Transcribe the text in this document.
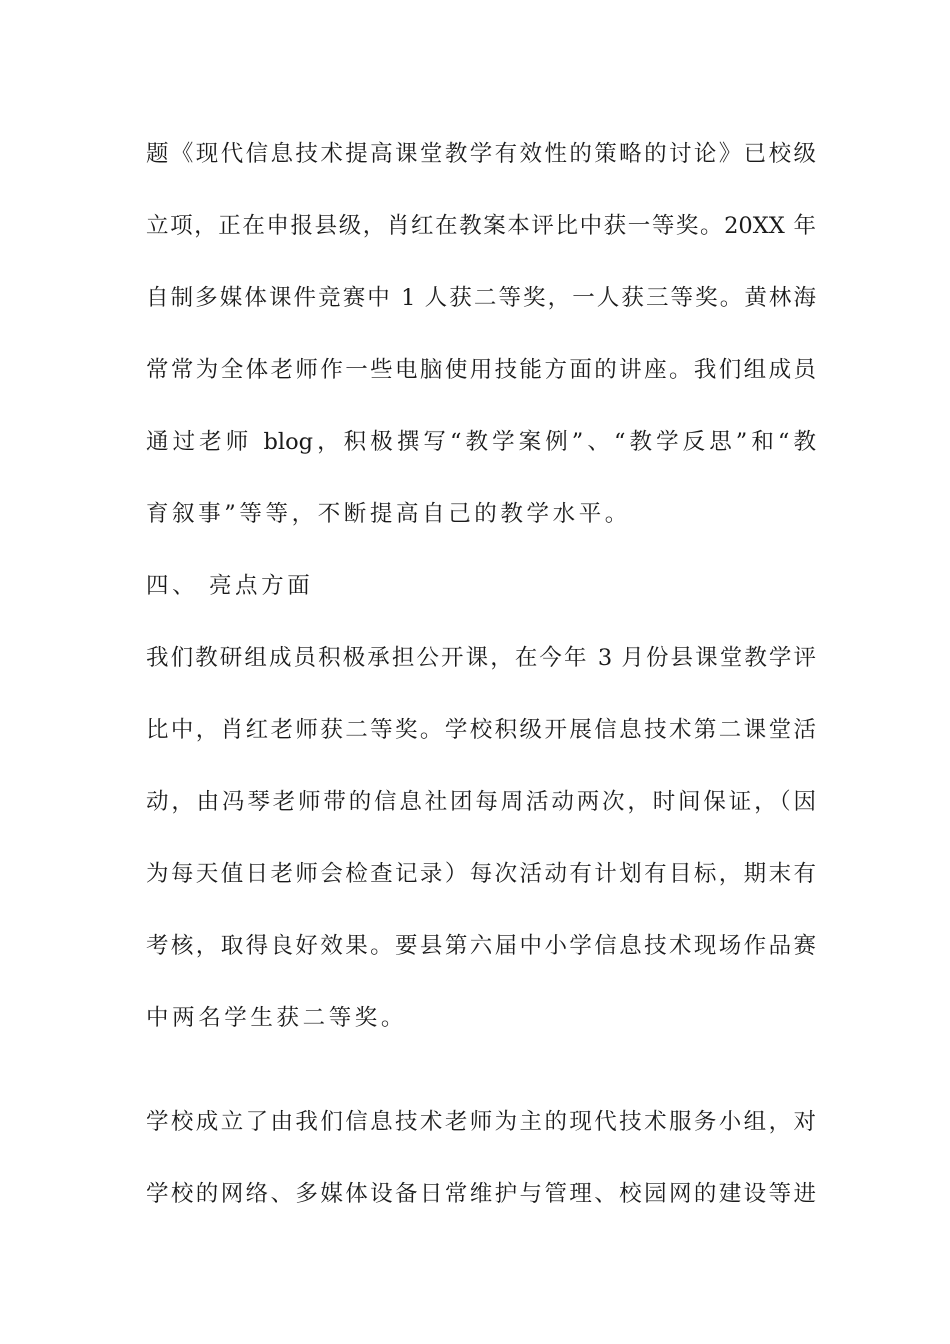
题《现代信息技术提高课堂教学有效性的策略的讨论》已校级
立项，正在申报县级，肖红在教案本评比中获一等奖。20XX 年
自制多媒体课件竞赛中 1 人获二等奖，一人获三等奖。黄林海
常常为全体老师作一些电脑使用技能方面的讲座。我们组成员
通过老师 blog，积极撰写“教学案例”、“教学反思”和“教
育叙事”等等，不断提高自己的教学水平。
四、 亮点方面
我们教研组成员积极承担公开课，在今年 3 月份县课堂教学评
比中，肖红老师获二等奖。学校积级开展信息技术第二课堂活
动，由冯琴老师带的信息社团每周活动两次，时间保证，（因
为每天值日老师会检查记录）每次活动有计划有目标，期末有
考核，取得良好效果。要县第六届中小学信息技术现场作品赛
中两名学生获二等奖。
学校成立了由我们信息技术老师为主的现代技术服务小组，对
学校的网络、多媒体设备日常维护与管理、校园网的建设等进
